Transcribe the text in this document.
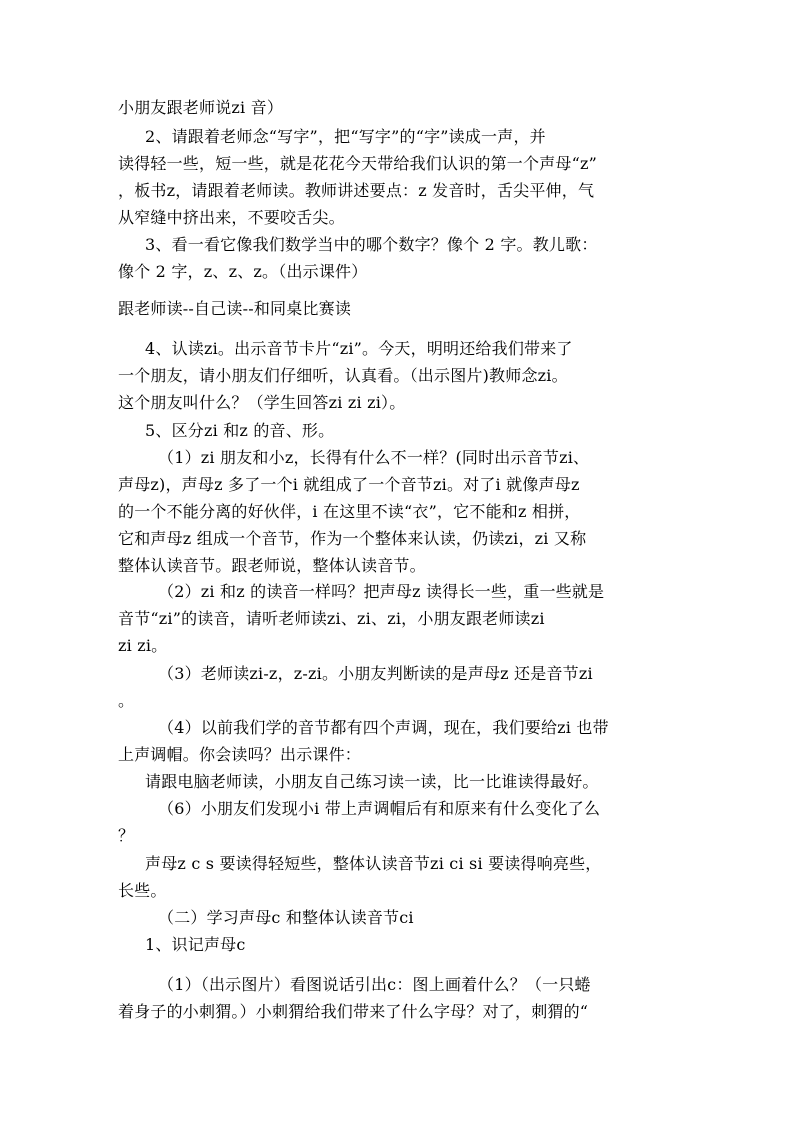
小朋友跟老师说zi 音）
2、请跟着老师念“写字”，把“写字”的“字”读成一声，并
读得轻一些，短一些，就是花花今天带给我们认识的第一个声母“z”
，板书z，请跟着老师读。教师讲述要点：z 发音时，舌尖平伸，气
从窄缝中挤出来，不要咬舌尖。
3、看一看它像我们数学当中的哪个数字？像个 2 字。教儿歌：
像个 2 字，z、z、z。（出示课件）
跟老师读--自己读--和同桌比赛读
4、认读zi。出示音节卡片“zi”。今天，明明还给我们带来了
一个朋友，请小朋友们仔细听，认真看。（出示图片)教师念zi。
这个朋友叫什么？（学生回答zi zi zi）。
5、区分zi 和z 的音、形。
（1）zi 朋友和小z，长得有什么不一样？(同时出示音节zi、
声母z)，声母z 多了一个i 就组成了一个音节zi。对了i 就像声母z
的一个不能分离的好伙伴，i 在这里不读“衣”，它不能和z 相拼，
它和声母z 组成一个音节，作为一个整体来认读，仍读zi，zi 又称
整体认读音节。跟老师说，整体认读音节。
（2）zi 和z 的读音一样吗？把声母z 读得长一些，重一些就是
音节“zi”的读音，请听老师读zi、zi、zi，小朋友跟老师读zi
zi zi。
（3）老师读zi-z，z-zi。小朋友判断读的是声母z 还是音节zi
。
（4）以前我们学的音节都有四个声调，现在，我们要给zi 也带
上声调帽。你会读吗？出示课件：
请跟电脑老师读，小朋友自己练习读一读，比一比谁读得最好。
（6）小朋友们发现小i 带上声调帽后有和原来有什么变化了么
？
声母z c s 要读得轻短些，整体认读音节zi ci si 要读得响亮些，
长些。
（二）学习声母c 和整体认读音节ci
1、识记声母c
（1）（出示图片）看图说话引出c：图上画着什么？（一只蜷
着身子的小刺猬。）小刺猬给我们带来了什么字母？对了，刺猬的“
